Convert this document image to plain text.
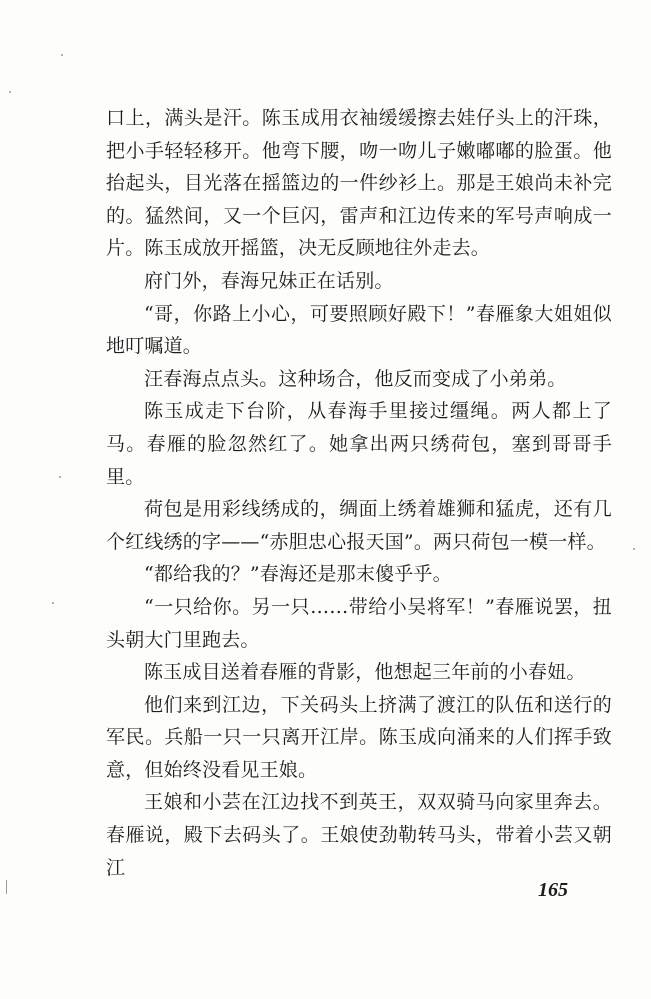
口上，满头是汗。陈玉成用衣袖缓缓擦去娃仔头上的汗珠，把小手轻轻移开。他弯下腰，吻一吻儿子嫩嘟嘟的脸蛋。他抬起头，目光落在摇篮边的一件纱衫上。那是王娘尚未补完的。猛然间，又一个巨闪，雷声和江边传来的军号声响成一片。陈玉成放开摇篮，决无反顾地往外走去。

府门外，春海兄妹正在话别。

“哥，你路上小心，可要照顾好殿下！”春雁象大姐姐似地叮嘱道。

汪春海点点头。这种场合，他反而变成了小弟弟。

陈玉成走下台阶，从春海手里接过缰绳。两人都上了马。春雁的脸忽然红了。她拿出两只绣荷包，塞到哥哥手里。

荷包是用彩线绣成的，绸面上绣着雄狮和猛虎，还有几个红线绣的字——“赤胆忠心报天国”。两只荷包一模一样。

“都给我的？”春海还是那末傻乎乎。

“一只给你。另一只……带给小吴将军！”春雁说罢，扭头朝大门里跑去。

陈玉成目送着春雁的背影，他想起三年前的小春妞。

他们来到江边，下关码头上挤满了渡江的队伍和送行的军民。兵船一只一只离开江岸。陈玉成向涌来的人们挥手致意，但始终没看见王娘。

王娘和小芸在江边找不到英王，双双骑马向家里奔去。春雁说，殿下去码头了。王娘使劲勒转马头，带着小芸又朝江

165
